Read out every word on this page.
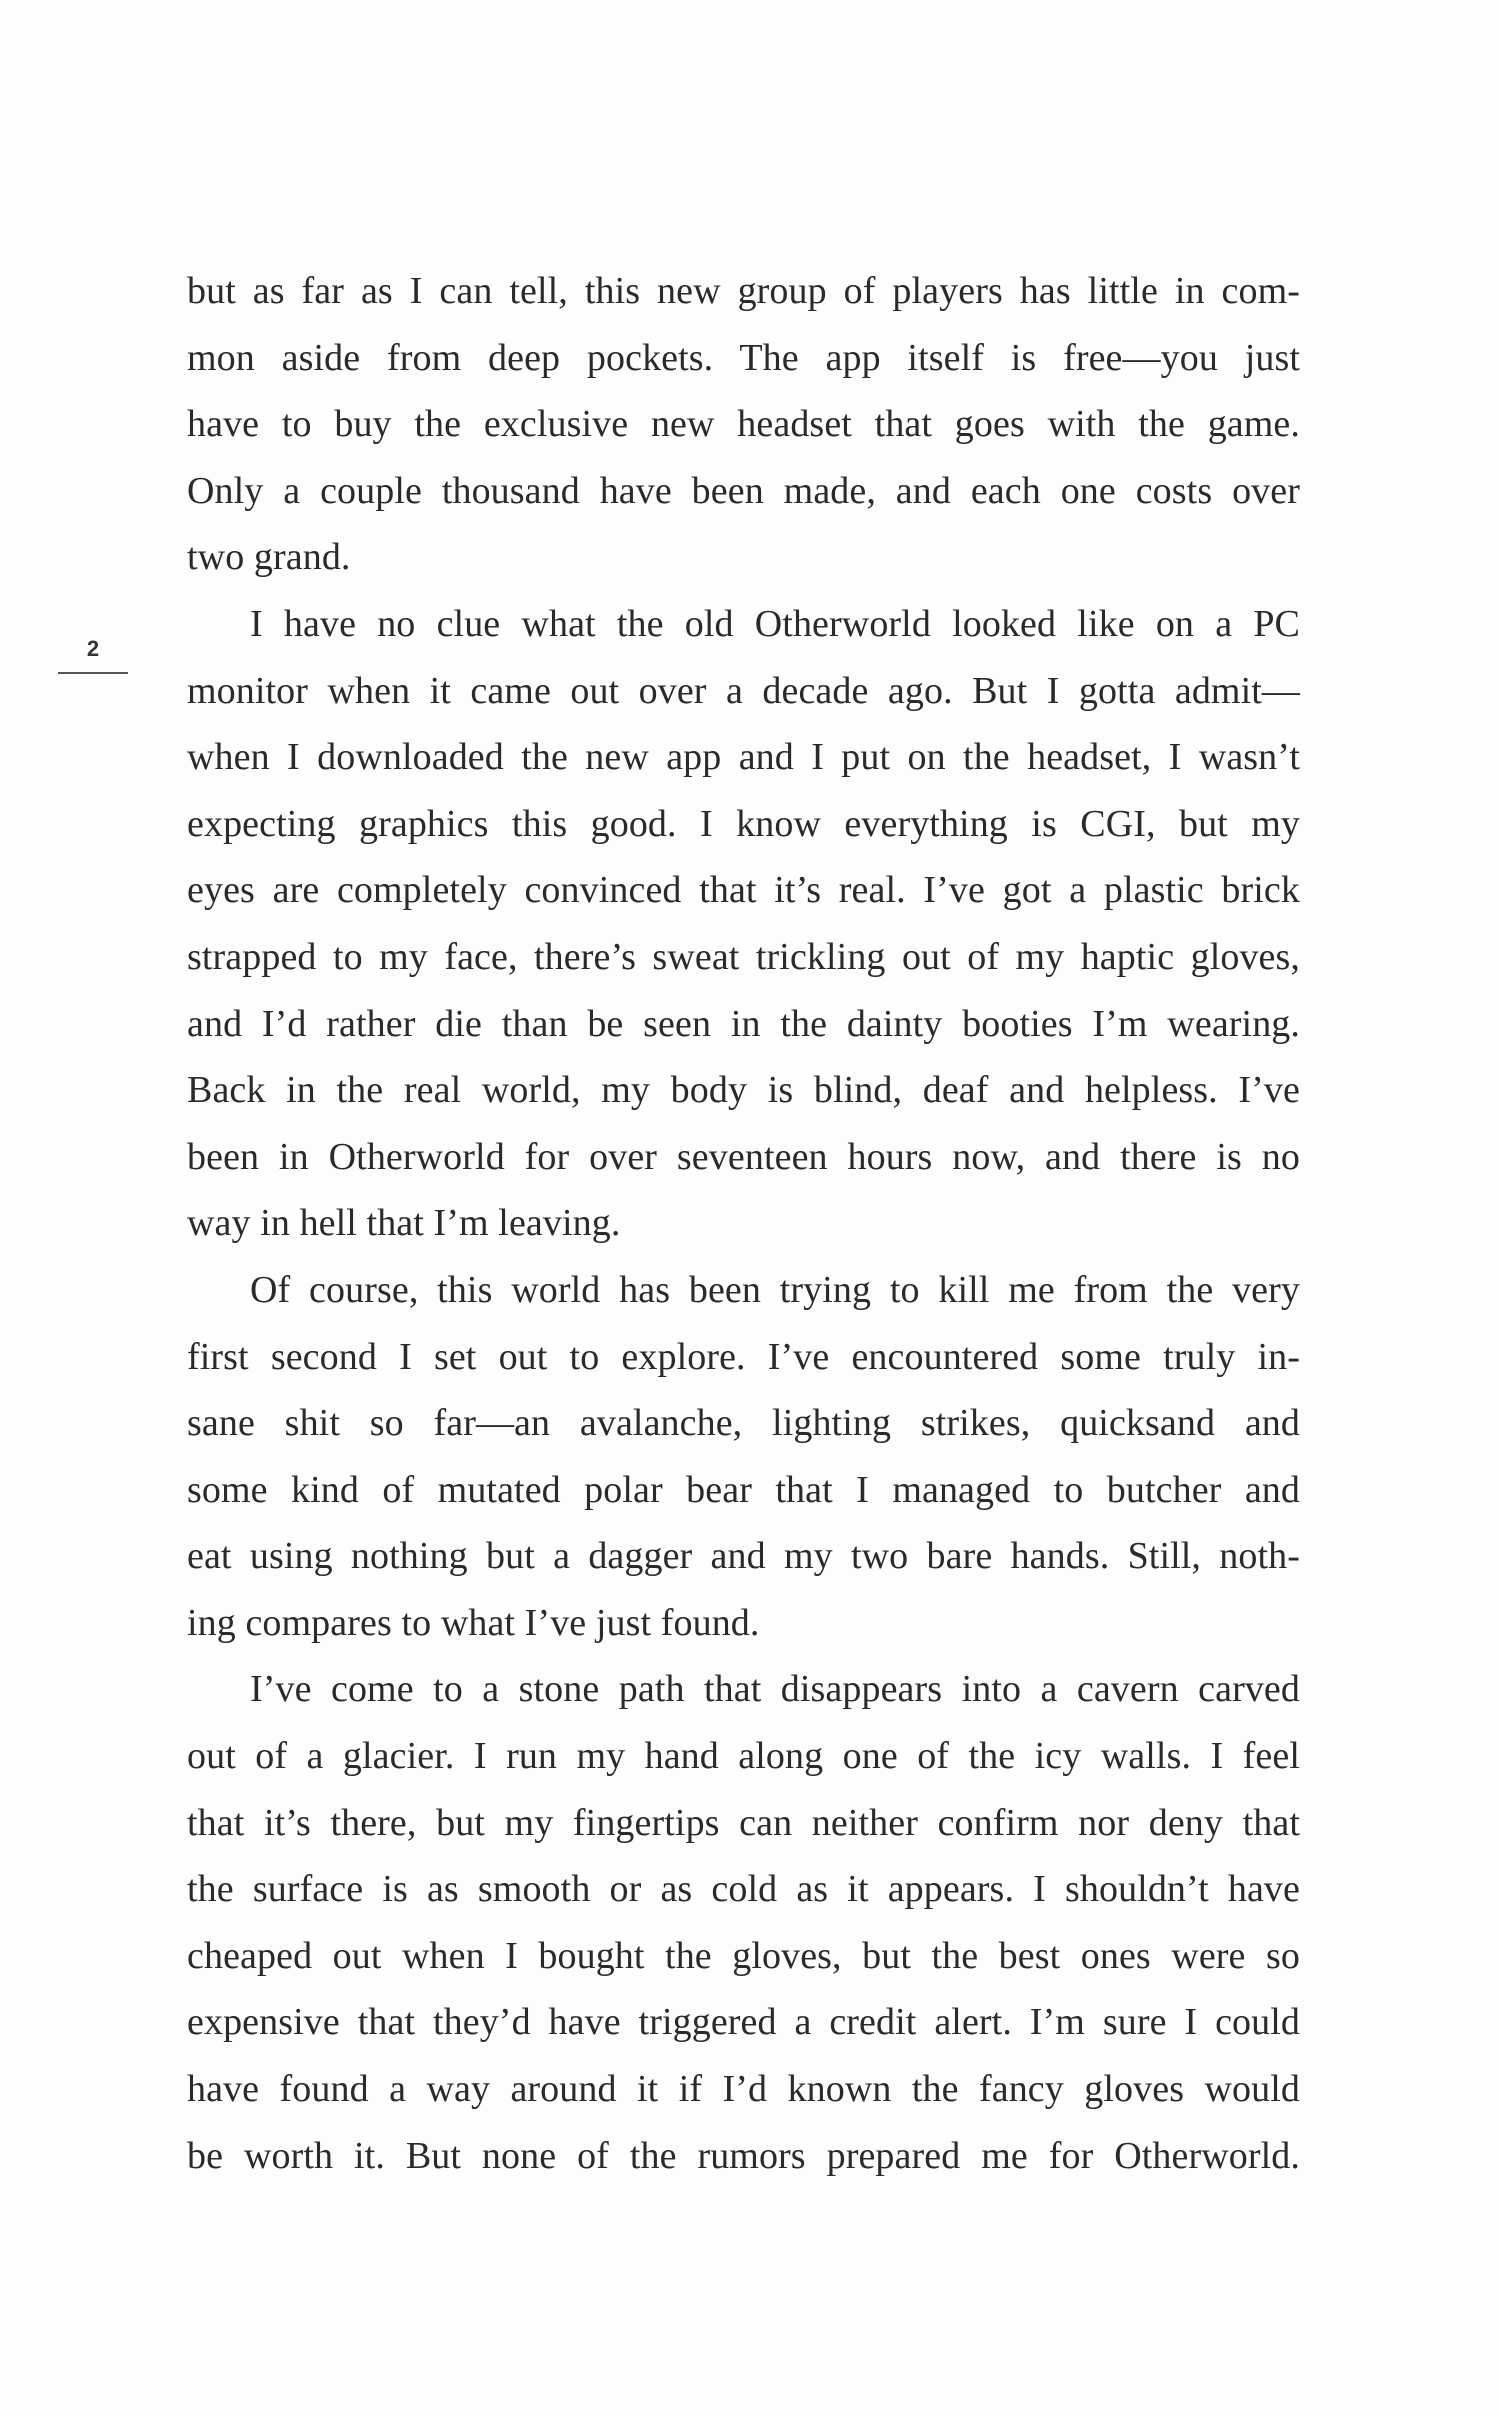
2
but as far as I can tell, this new group of players has little in com-
mon aside from deep pockets. The app itself is free—you just
have to buy the exclusive new headset that goes with the game.
Only a couple thousand have been made, and each one costs over
two grand.
I have no clue what the old Otherworld looked like on a PC
monitor when it came out over a decade ago. But I gotta admit—
when I downloaded the new app and I put on the headset, I wasn’t
expecting graphics this good. I know everything is CGI, but my
eyes are completely convinced that it’s real. I’ve got a plastic brick
strapped to my face, there’s sweat trickling out of my haptic gloves,
and I’d rather die than be seen in the dainty booties I’m wearing.
Back in the real world, my body is blind, deaf and helpless. I’ve
been in Otherworld for over seventeen hours now, and there is no
way in hell that I’m leaving.
Of course, this world has been trying to kill me from the very
first second I set out to explore. I’ve encountered some truly in-
sane shit so far—an avalanche, lighting strikes, quicksand and
some kind of mutated polar bear that I managed to butcher and
eat using nothing but a dagger and my two bare hands. Still, noth-
ing compares to what I’ve just found.
I’ve come to a stone path that disappears into a cavern carved
out of a glacier. I run my hand along one of the icy walls. I feel
that it’s there, but my fingertips can neither confirm nor deny that
the surface is as smooth or as cold as it appears. I shouldn’t have
cheaped out when I bought the gloves, but the best ones were so
expensive that they’d have triggered a credit alert. I’m sure I could
have found a way around it if I’d known the fancy gloves would
be worth it. But none of the rumors prepared me for Otherworld.
